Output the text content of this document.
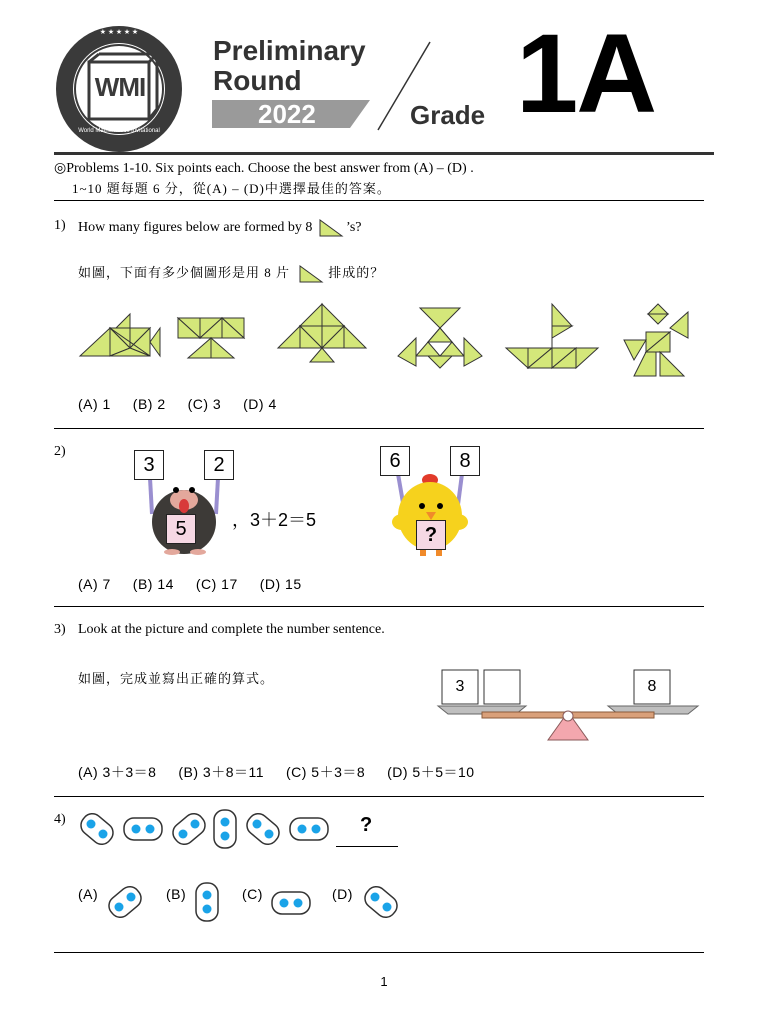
★ ★ ★ ★ ★
WMI
World Mathematics Invitational
Preliminary
Round
2022	Grade 1A
◎Problems 1-10. Six points each. Choose the best answer from (A) – (D) .
1~10 題每題 6 分，從(A) – (D)中選擇最佳的答案。
1) How many figures below are formed by 8 ’s?
如圖，下面有多少個圖形是用 8 片	排成的？
(A) 1     (B) 2     (C) 3     (D) 4
2)
3	2
5	，3＋2＝5
6	8
?
(A) 7     (B) 14     (C) 17     (D) 15
3) Look at the picture and complete the number sentence.
如圖，完成並寫出正確的算式。	3	8
(A) 3＋3＝8     (B) 3＋8＝11     (C) 5＋3＝8     (D) 5＋5＝10
4)	?
(A)	(B)	(C)	(D)
1
